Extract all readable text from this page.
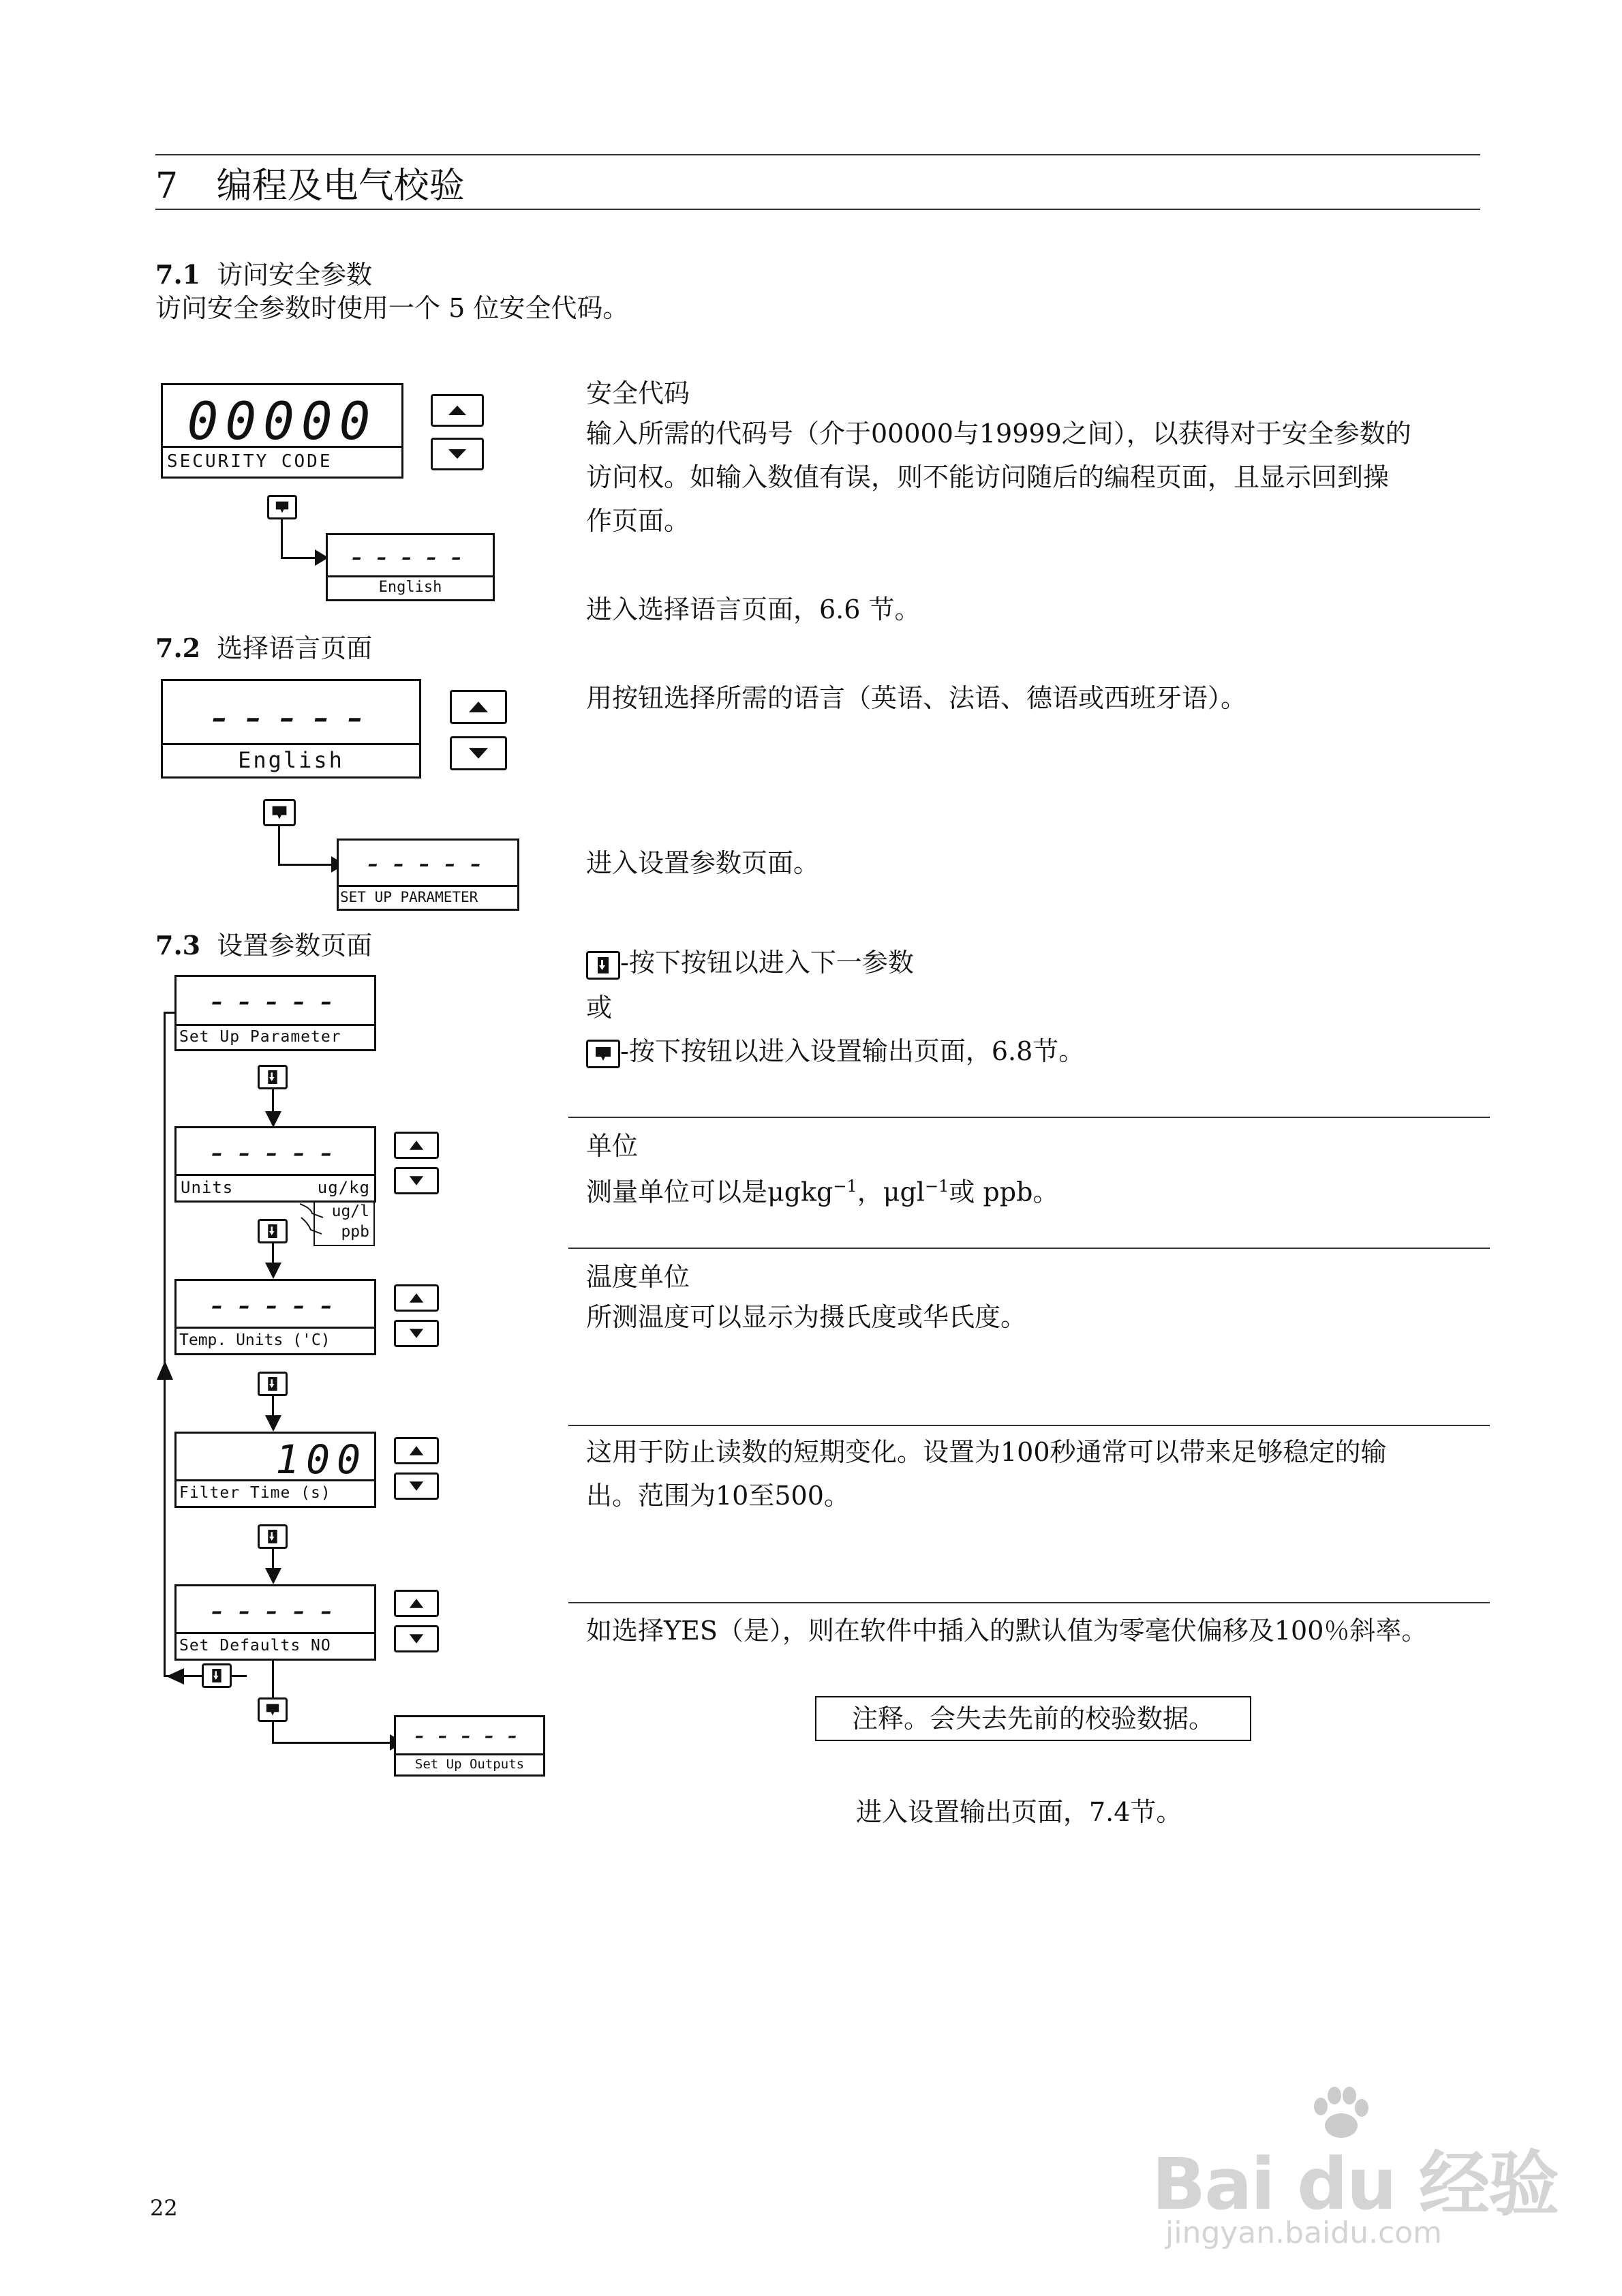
7 编程及电气校验
7.1 访问安全参数
访问安全参数时使用一个 5 位安全代码。
00000
SECURITY CODE
-----
English
安全代码
输入所需的代码号（介于00000与19999之间），以获得对于安全参数的
访问权。如输入数值有误，则不能访问随后的编程页面，且显示回到操
作页面。
进入选择语言页面，6.6 节。
7.2 选择语言页面
-----
English
-----
SET UP PARAMETER
用按钮选择所需的语言（英语、法语、德语或西班牙语）。
进入设置参数页面。
7.3 设置参数页面
-----
Set Up Parameter
-----
Units	ug/kg
ug/l
ppb
-----
Temp. Units ('C)
100
Filter Time (s)
-----
Set Defaults NO
-----
Set Up Outputs
-按下按钮以进入下一参数
或
-按下按钮以进入设置输出页面，6.8节。
单位
测量单位可以是μgkg$^{-1}$，μgl$^{-1}$或 ppb。
温度单位
所测温度可以显示为摄氏度或华氏度。
这用于防止读数的短期变化。设置为100秒通常可以带来足够稳定的输
出。范围为10至500。
如选择YES（是），则在软件中插入的默认值为零毫伏偏移及100％斜率。
注释。会失去先前的校验数据。
进入设置输出页面，7.4节。
22	Bai du 经验
jingyan.baidu.com
